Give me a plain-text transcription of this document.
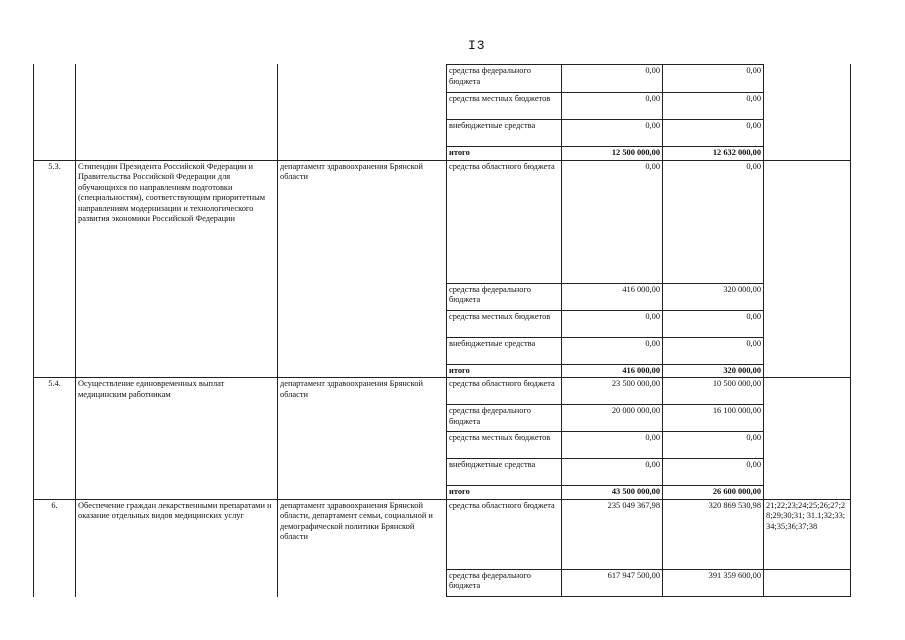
I3
			средства федерального бюджета	0,00	0,00	
			средства местных бюджетов	0,00	0,00	
			внебюджетные средства	0,00	0,00	
			итого	12 500 000,00	12 632 000,00	
5.3.	Стипендии Президента Российской Федерации и Правительства Российской Федерации для обучающихся по направлениям подготовки (специальностям), соответствующим приоритетным направлениям модернизации и технологического развития экономики Российской Федерации	департамент здравоохранения Брянской области	средства областного бюджета	0,00	0,00	
			средства федерального бюджета	416 000,00	320 000,00	
			средства местных бюджетов	0,00	0,00	
			внебюджетные средства	0,00	0,00	
			итого	416 000,00	320 000,00	
5.4.	Осуществление единовременных выплат медицинским работникам	департамент здравоохранения Брянской области	средства областного бюджета	23 500 000,00	10 500 000,00	
			средства федерального бюджета	20 000 000,00	16 100 000,00	
			средства местных бюджетов	0,00	0,00	
			внебюджетные средства	0,00	0,00	
			итого	43 500 000,00	26 600 000,00	
6.	Обеспечение граждан лекарственными препаратами и оказание отдельных видов медицинских услуг	департамент здравоохранения Брянской области, департамент семьи, социальной и демографической политики Брянской области	средства областного бюджета	235 049 367,98	320 869 530,98	21;22;23;24;25;26;27;28;29;30;31; 31.1;32;33;34;35;36;37;38
			средства федерального бюджета	617 947 500,00	391 359 600,00	
